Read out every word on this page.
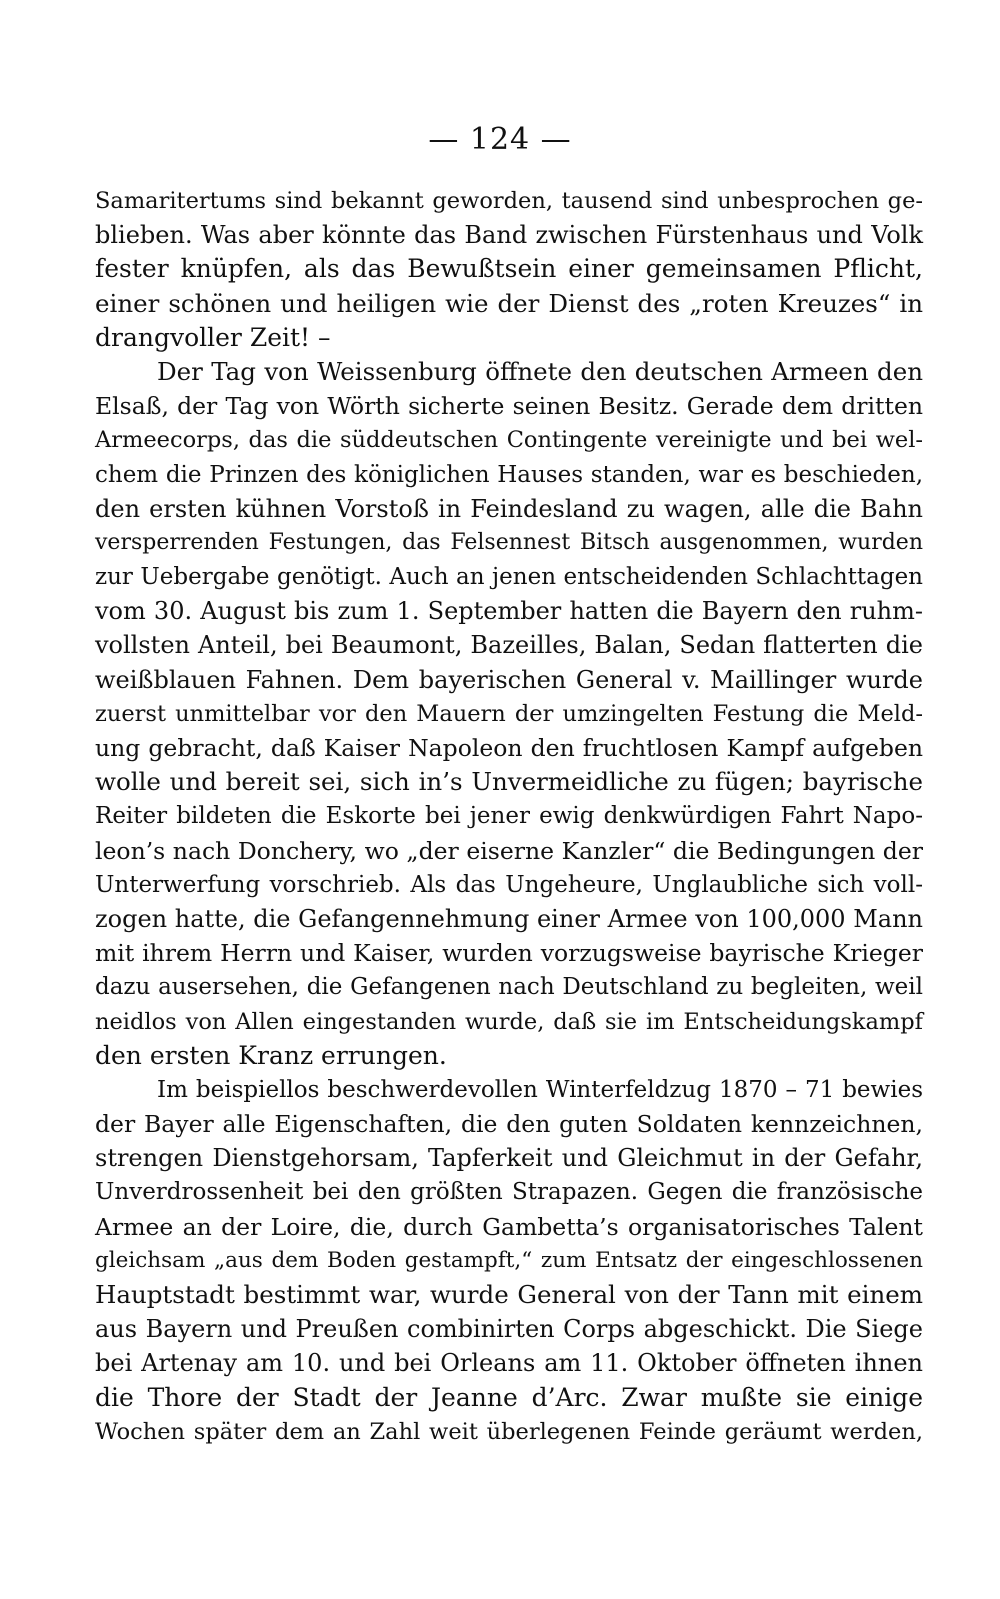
— 124 —
Samaritertums sind bekannt geworden, tausend sind unbesprochen ge-
blieben. Was aber könnte das Band zwischen Fürstenhaus und Volk
fester knüpfen, als das Bewußtsein einer gemeinsamen Pflicht,
einer schönen und heiligen wie der Dienst des „roten Kreuzes“ in
drangvoller Zeit! –
Der Tag von Weissenburg öffnete den deutschen Armeen den
Elsaß, der Tag von Wörth sicherte seinen Besitz. Gerade dem dritten
Armeecorps, das die süddeutschen Contingente vereinigte und bei wel-
chem die Prinzen des königlichen Hauses standen, war es beschieden,
den ersten kühnen Vorstoß in Feindesland zu wagen, alle die Bahn
versperrenden Festungen, das Felsennest Bitsch ausgenommen, wurden
zur Uebergabe genötigt. Auch an jenen entscheidenden Schlachttagen
vom 30. August bis zum 1. September hatten die Bayern den ruhm-
vollsten Anteil, bei Beaumont, Bazeilles, Balan, Sedan flatterten die
weißblauen Fahnen. Dem bayerischen General v. Maillinger wurde
zuerst unmittelbar vor den Mauern der umzingelten Festung die Meld-
ung gebracht, daß Kaiser Napoleon den fruchtlosen Kampf aufgeben
wolle und bereit sei, sich in’s Unvermeidliche zu fügen; bayrische
Reiter bildeten die Eskorte bei jener ewig denkwürdigen Fahrt Napo-
leon’s nach Donchery, wo „der eiserne Kanzler“ die Bedingungen der
Unterwerfung vorschrieb. Als das Ungeheure, Unglaubliche sich voll-
zogen hatte, die Gefangennehmung einer Armee von 100,000 Mann
mit ihrem Herrn und Kaiser, wurden vorzugsweise bayrische Krieger
dazu ausersehen, die Gefangenen nach Deutschland zu begleiten, weil
neidlos von Allen eingestanden wurde, daß sie im Entscheidungskampf
den ersten Kranz errungen.
Im beispiellos beschwerdevollen Winterfeldzug 1870 – 71 bewies
der Bayer alle Eigenschaften, die den guten Soldaten kennzeichnen,
strengen Dienstgehorsam, Tapferkeit und Gleichmut in der Gefahr,
Unverdrossenheit bei den größten Strapazen. Gegen die französische
Armee an der Loire, die, durch Gambetta’s organisatorisches Talent
gleichsam „aus dem Boden gestampft,“ zum Entsatz der eingeschlossenen
Hauptstadt bestimmt war, wurde General von der Tann mit einem
aus Bayern und Preußen combinirten Corps abgeschickt. Die Siege
bei Artenay am 10. und bei Orleans am 11. Oktober öffneten ihnen
die Thore der Stadt der Jeanne d’Arc. Zwar mußte sie einige
Wochen später dem an Zahl weit überlegenen Feinde geräumt werden,
